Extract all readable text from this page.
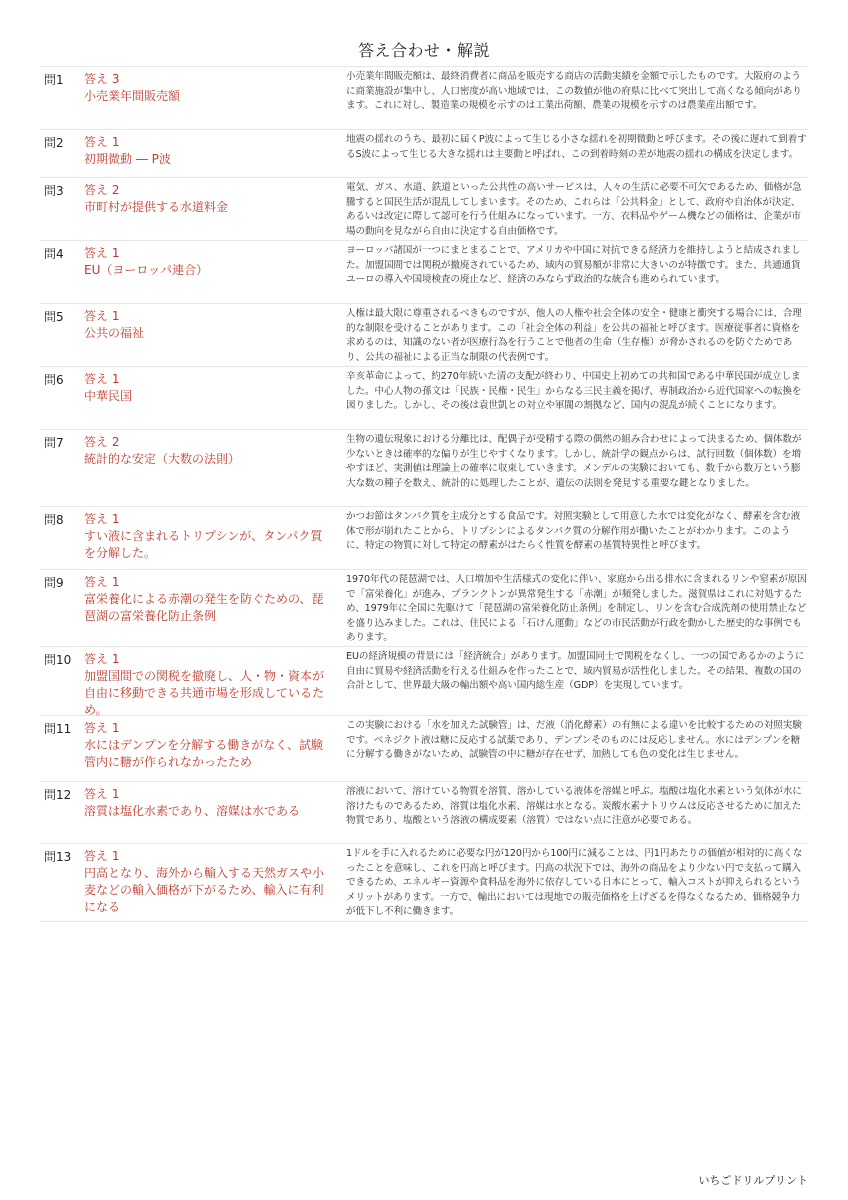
答え合わせ・解説
問1	答え 3
小売業年間販売額
小売業年間販売額は、最終消費者に商品を販売する商店の活動実績を金額で示したものです。大阪府のように商業施設が集中し、人口密度が高い地域では、この数値が他の府県に比べて突出して高くなる傾向があります。これに対し、製造業の規模を示すのは工業出荷額、農業の規模を示すのは農業産出額です。
問2	答え 1
初期微動 ― P波
地震の揺れのうち、最初に届くP波によって生じる小さな揺れを初期微動と呼びます。その後に遅れて到着するS波によって生じる大きな揺れは主要動と呼ばれ、この到着時刻の差が地震の揺れの構成を決定します。
問3	答え 2
市町村が提供する水道料金
電気、ガス、水道、鉄道といった公共性の高いサービスは、人々の生活に必要不可欠であるため、価格が急騰すると国民生活が混乱してしまいます。そのため、これらは「公共料金」として、政府や自治体が決定、あるいは改定に際して認可を行う仕組みになっています。一方、衣料品やゲーム機などの価格は、企業が市場の動向を見ながら自由に決定する自由価格です。
問4	答え 1
EU（ヨーロッパ連合）
ヨーロッパ諸国が一つにまとまることで、アメリカや中国に対抗できる経済力を維持しようと結成されました。加盟国間では関税が撤廃されているため、域内の貿易額が非常に大きいのが特徴です。また、共通通貨ユーロの導入や国境検査の廃止など、経済のみならず政治的な統合も進められています。
問5	答え 1
公共の福祉
人権は最大限に尊重されるべきものですが、他人の人権や社会全体の安全・健康と衝突する場合には、合理的な制限を受けることがあります。この「社会全体の利益」を公共の福祉と呼びます。医療従事者に資格を求めるのは、知識のない者が医療行為を行うことで他者の生命（生存権）が脅かされるのを防ぐためであり、公共の福祉による正当な制限の代表例です。
問6	答え 1
中華民国
辛亥革命によって、約270年続いた清の支配が終わり、中国史上初めての共和国である中華民国が成立しました。中心人物の孫文は「民族・民権・民生」からなる三民主義を掲げ、専制政治から近代国家への転換を図りました。しかし、その後は袁世凱との対立や軍閥の割拠など、国内の混乱が続くことになります。
問7	答え 2
統計的な安定（大数の法則）
生物の遺伝現象における分離比は、配偶子が受精する際の偶然の組み合わせによって決まるため、個体数が少ないときは確率的な偏りが生じやすくなります。しかし、統計学の観点からは、試行回数（個体数）を増やすほど、実測値は理論上の確率に収束していきます。メンデルの実験においても、数千から数万という膨大な数の種子を数え、統計的に処理したことが、遺伝の法則を発見する重要な鍵となりました。
問8	答え 1
すい液に含まれるトリプシンが、タンパク質を分解した。
かつお節はタンパク質を主成分とする食品です。対照実験として用意した水では変化がなく、酵素を含む液体で形が崩れたことから、トリプシンによるタンパク質の分解作用が働いたことがわかります。このように、特定の物質に対して特定の酵素がはたらく性質を酵素の基質特異性と呼びます。
問9	答え 1
富栄養化による赤潮の発生を防ぐための、琵琶湖の富栄養化防止条例
1970年代の琵琶湖では、人口増加や生活様式の変化に伴い、家庭から出る排水に含まれるリンや窒素が原因で「富栄養化」が進み、プランクトンが異常発生する「赤潮」が頻発しました。滋賀県はこれに対処するため、1979年に全国に先駆けて「琵琶湖の富栄養化防止条例」を制定し、リンを含む合成洗剤の使用禁止などを盛り込みました。これは、住民による「石けん運動」などの市民活動が行政を動かした歴史的な事例でもあります。
問10	答え 1
加盟国間での関税を撤廃し、人・物・資本が自由に移動できる共通市場を形成しているため。
EUの経済規模の背景には「経済統合」があります。加盟国同士で関税をなくし、一つの国であるかのように自由に貿易や経済活動を行える仕組みを作ったことで、域内貿易が活性化しました。その結果、複数の国の合計として、世界最大級の輸出額や高い国内総生産（GDP）を実現しています。
問11	答え 1
水にはデンプンを分解する働きがなく、試験管内に糖が作られなかったため
この実験における「水を加えた試験管」は、だ液（消化酵素）の有無による違いを比較するための対照実験です。ベネジクト液は糖に反応する試薬であり、デンプンそのものには反応しません。水にはデンプンを糖に分解する働きがないため、試験管の中に糖が存在せず、加熱しても色の変化は生じません。
問12	答え 1
溶質は塩化水素であり、溶媒は水である
溶液において、溶けている物質を溶質、溶かしている液体を溶媒と呼ぶ。塩酸は塩化水素という気体が水に溶けたものであるため、溶質は塩化水素、溶媒は水となる。炭酸水素ナトリウムは反応させるために加えた物質であり、塩酸という溶液の構成要素（溶質）ではない点に注意が必要である。
問13	答え 1
円高となり、海外から輸入する天然ガスや小麦などの輸入価格が下がるため、輸入に有利になる
1ドルを手に入れるために必要な円が120円から100円に減ることは、円1円あたりの価値が相対的に高くなったことを意味し、これを円高と呼びます。円高の状況下では、海外の商品をより少ない円で支払って購入できるため、エネルギー資源や食料品を海外に依存している日本にとって、輸入コストが抑えられるというメリットがあります。一方で、輸出においては現地での販売価格を上げざるを得なくなるため、価格競争力が低下し不利に働きます。
いちごドリルプリント
